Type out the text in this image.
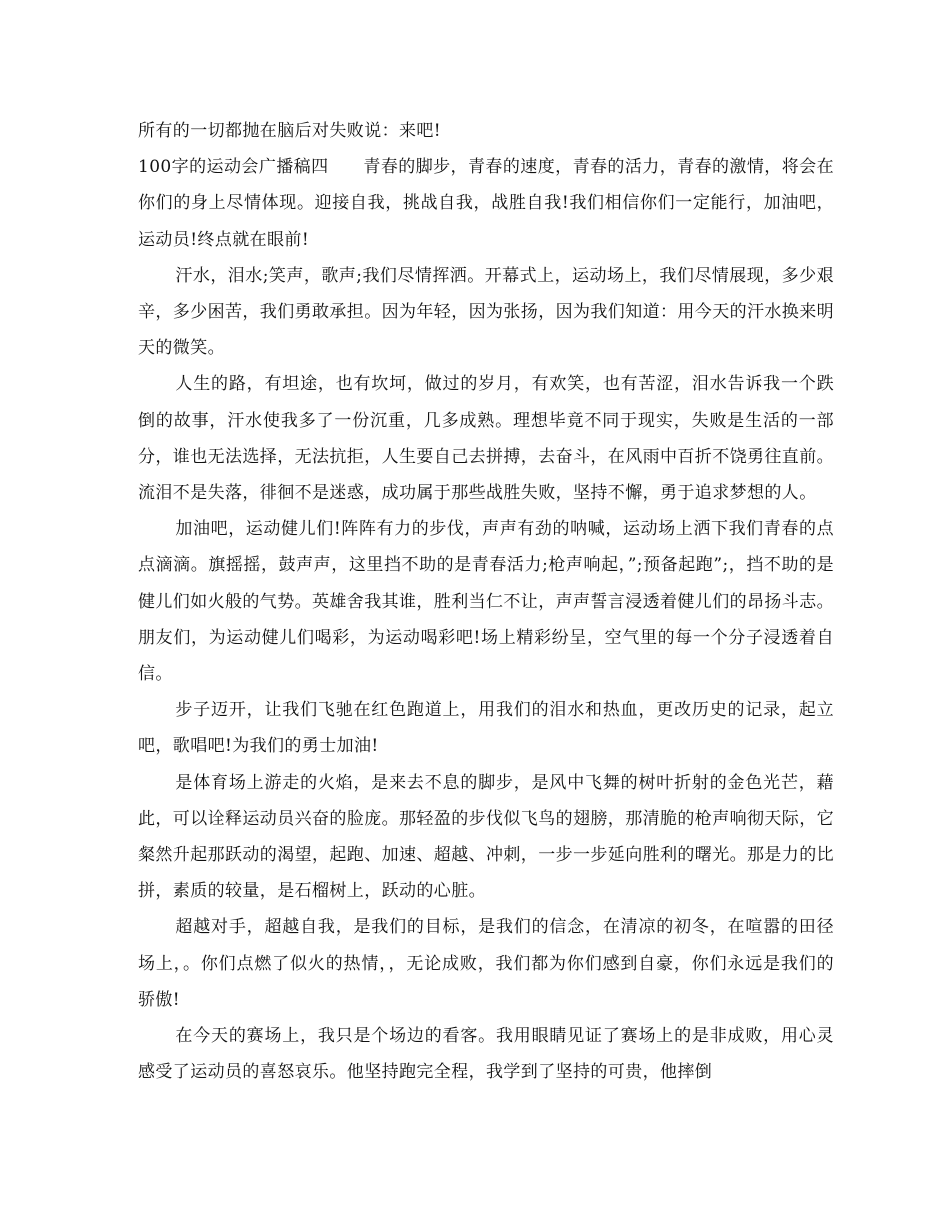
所有的一切都抛在脑后对失败说：来吧!

100字的运动会广播稿四　　青春的脚步，青春的速度，青春的活力，青春的激情，将会在你们的身上尽情体现。迎接自我，挑战自我，战胜自我!我们相信你们一定能行，加油吧，运动员!终点就在眼前!

汗水，泪水;笑声，歌声;我们尽情挥洒。开幕式上，运动场上，我们尽情展现，多少艰辛，多少困苦，我们勇敢承担。因为年轻，因为张扬，因为我们知道：用今天的汗水换来明天的微笑。

人生的路，有坦途，也有坎坷，做过的岁月，有欢笑，也有苦涩，泪水告诉我一个跌倒的故事，汗水使我多了一份沉重，几多成熟。理想毕竟不同于现实，失败是生活的一部分，谁也无法选择，无法抗拒，人生要自己去拼搏，去奋斗，在风雨中百折不饶勇往直前。流泪不是失落，徘徊不是迷惑，成功属于那些战胜失败，坚持不懈，勇于追求梦想的人。

加油吧，运动健儿们!阵阵有力的步伐，声声有劲的呐喊，运动场上洒下我们青春的点点滴滴。旗摇摇，鼓声声，这里挡不助的是青春活力;枪声响起，”;预备起跑”;，挡不助的是健儿们如火般的气势。英雄舍我其谁，胜利当仁不让，声声誓言浸透着健儿们的昂扬斗志。朋友们，为运动健儿们喝彩，为运动喝彩吧!场上精彩纷呈，空气里的每一个分子浸透着自信。

步子迈开，让我们飞驰在红色跑道上，用我们的泪水和热血，更改历史的记录，起立吧，歌唱吧!为我们的勇士加油!

是体育场上游走的火焰，是来去不息的脚步，是风中飞舞的树叶折射的金色光芒，藉此，可以诠释运动员兴奋的脸庞。那轻盈的步伐似飞鸟的翅膀，那清脆的枪声响彻天际，它粲然升起那跃动的渴望，起跑、加速、超越、冲刺，一步一步延向胜利的曙光。那是力的比拼，素质的较量，是石榴树上，跃动的心脏。

超越对手，超越自我，是我们的目标，是我们的信念，在清凉的初冬，在喧嚣的田径场上，。你们点燃了似火的热情，，无论成败，我们都为你们感到自豪，你们永远是我们的骄傲!

在今天的赛场上，我只是个场边的看客。我用眼睛见证了赛场上的是非成败，用心灵感受了运动员的喜怒哀乐。他坚持跑完全程，我学到了坚持的可贵，他摔倒
